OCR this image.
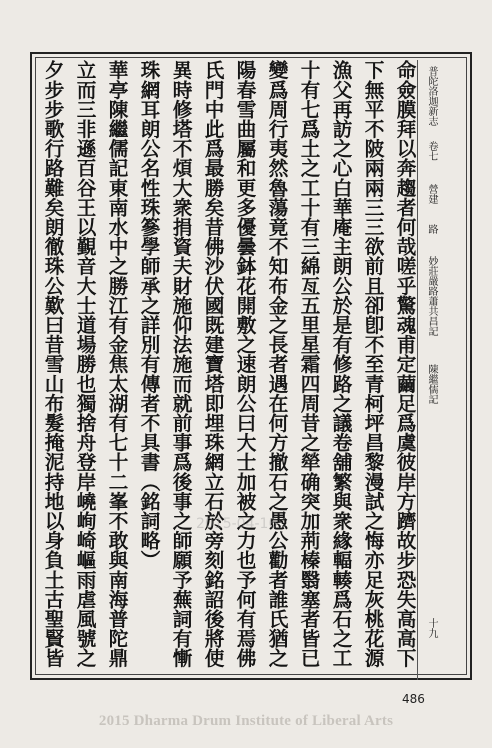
普陀洛迦新志
卷七
營建
路
妙莊嚴路蕭共昌記
陳繼儒記
十九
命僉膜拜以奔趨者何哉嗟乎驚魂甫定繭足爲虞彼岸方躋故步恐失高高下
下無平不陂兩兩三三欲前且卻卽不至青柯坪昌黎漫試之悔亦足灰桃花源
漁父再訪之心白華庵主朗公於是有修路之議卷舖繁與衆緣輻輳爲石之工
十有七爲土之工十有三綿亙五里星霜四周昔之犖确突加荊榛翳塞者皆已
變爲周行夷然魯蕩竟不知布金之長者遇在何方撤石之愚公勸者誰氏猶之
陽春雪曲屬和更多優曇鉢花開敷之速朗公曰大士加被之力也予何有焉佛
氏門中此爲最勝矣昔佛沙伏國既建寶塔即埋珠網立石於旁刻銘詔後將使
異時修塔不煩大衆捐資夫財施仰法施而就前事爲後事之師願予蕪詞有慚
珠網耳朗公名性珠篸學師承之詳別有傳者不具書（銘詞略）
華亭陳繼儒記東南水中之勝江有金焦太湖有七十二峯不敢與南海普陀鼎
立而三非遜百谷王以覲音大士道場勝也獨捨舟登岸嶢峋崎嶇雨虐風號之
夕步步歌行路難矣朗徹珠公歎曰昔雪山布髮掩泥持地以身負土古聖賢皆	2015-04-16
486
2015 Dharma Drum Institute of Liberal Arts
